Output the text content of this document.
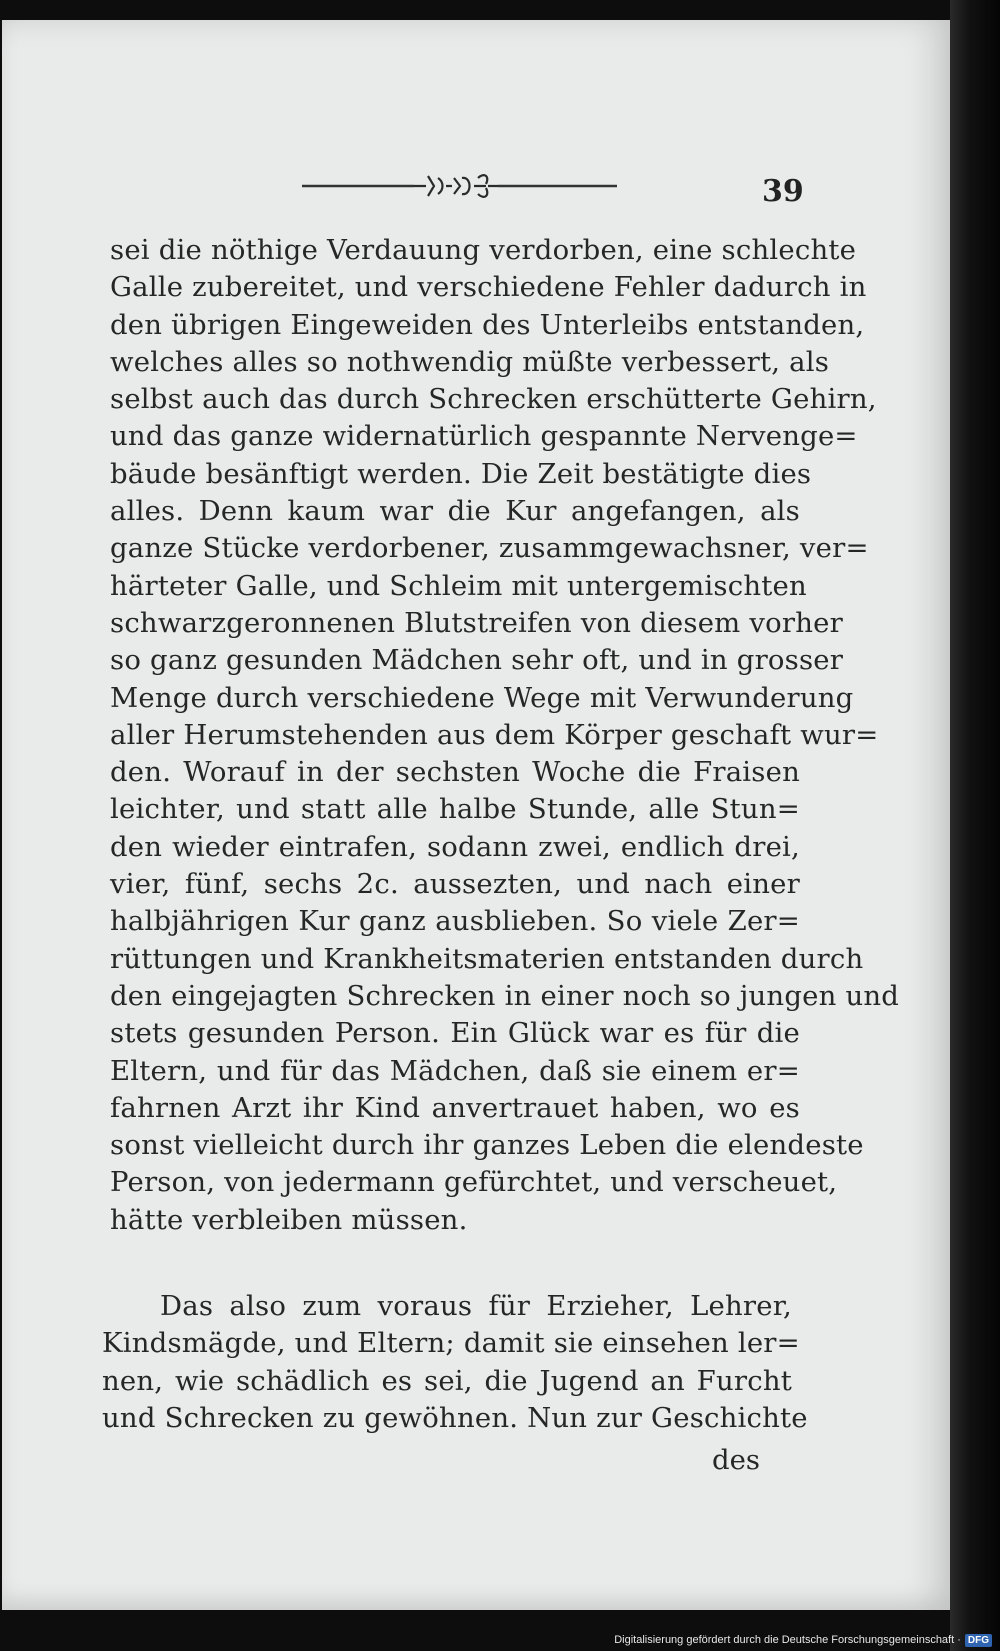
39
sei die nöthige Verdauung verdorben, eine schlechte
Galle zubereitet, und verschiedene Fehler dadurch in
den übrigen Eingeweiden des Unterleibs entstanden,
welches alles so nothwendig müßte verbessert, als
selbst auch das durch Schrecken erschütterte Gehirn,
und das ganze widernatürlich gespannte Nervenge=
bäude besänftigt werden. Die Zeit bestätigte dies
alles. Denn kaum war die Kur angefangen, als
ganze Stücke verdorbener, zusammgewachsner, ver=
härteter Galle, und Schleim mit untergemischten
schwarzgeronnenen Blutstreifen von diesem vorher
so ganz gesunden Mädchen sehr oft, und in grosser
Menge durch verschiedene Wege mit Verwunderung
aller Herumstehenden aus dem Körper geschaft wur=
den. Worauf in der sechsten Woche die Fraisen
leichter, und statt alle halbe Stunde, alle Stun=
den wieder eintrafen, sodann zwei, endlich drei,
vier, fünf, sechs 2c. aussezten, und nach einer
halbjährigen Kur ganz ausblieben. So viele Zer=
rüttungen und Krankheitsmaterien entstanden durch
den eingejagten Schrecken in einer noch so jungen und
stets gesunden Person. Ein Glück war es für die
Eltern, und für das Mädchen, daß sie einem er=
fahrnen Arzt ihr Kind anvertrauet haben, wo es
sonst vielleicht durch ihr ganzes Leben die elendeste
Person, von jedermann gefürchtet, und verscheuet,
hätte verbleiben müssen.
Das also zum voraus für Erzieher, Lehrer,
Kindsmägde, und Eltern; damit sie einsehen ler=
nen, wie schädlich es sei, die Jugend an Furcht
und Schrecken zu gewöhnen. Nun zur Geschichte
des
Digitalisierung gefördert durch die Deutsche Forschungsgemeinschaft · DFG
